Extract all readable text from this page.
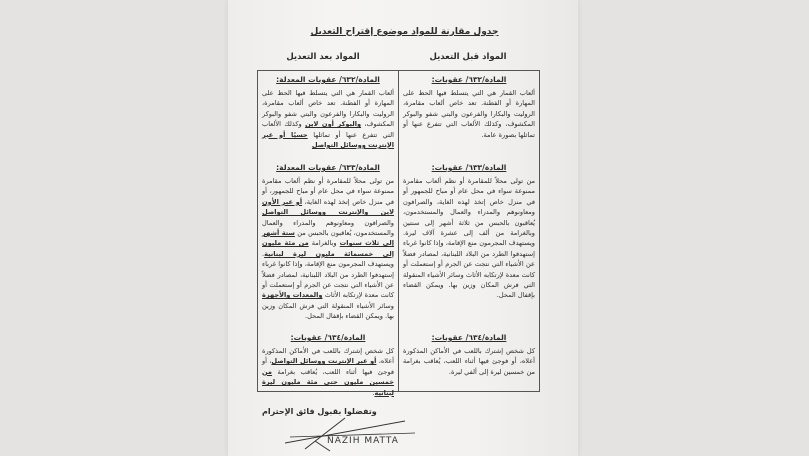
جدول مقارنة للمواد موضوع إقتراح التعديل
المواد بعد التعديل	المواد قبل التعديل
المادة/٦٣٢/ عقوبات المعدلة:

ألعاب القمار هي التي يتسلط فيها الحظ على المهارة أو الفطنة. تعد خاص ألعاب مقامرة، الروليت والبكارا والفرعون والبتي شفو والبوكر المكشوف، والبوكر أون لاين وكذلك الألعاب التي تتفرع عنها أو تماثلها حسيًا أو عبر الإنترنت ووسائل التواصل

المادة/٦٣٣/ عقوبات المعدلة:

من تولى محلاً للمقامرة أو نظم ألعاب مقامرة ممنوعة سواء في محل عام أو مباح للجمهور، أو في منزل خاص إتخذ لهذه الغاية، أو عبر الأون لاين والإنترنت ووسائل التواصل والصرافون ومعاونوهم والمدراء والعمال والمستخدمون، يُعاقبون بالحبس من ستة أشهر إلى ثلاث سنوات وبالغرامة من مئة مليون إلى خمسمائة مليون ليرة لبنانية. ويستهدف المجرمون منع الإقامة، وإذا كانوا غرباء إستهدفوا الطرد من البلاد اللبنانية، لمصادر فضلاً عن الأشياء التي نتجت عن الجرم أو إستعملت أو كانت معدة لإرتكابه الأثاث والمعدات والأجهزة وسائر الأشياء المنقولة التي فرش المكان وزين بها. ويمكن القضاء بإقفال المحل.

المادة/٦٣٤/ عقوبات:

كل شخص إشترك باللعب في الأماكن المذكورة أعلاه، أو عبر الإنترنت ووسائل التواصل، أو فوجئ فيها أثناء اللعب، يُعاقب بغرامة من خمسين مليون حتى مئة مليون ليرة لبنانية.

المادة/٦٣٢/ عقوبات:

ألعاب القمار هي التي يتسلط فيها الحظ على المهارة أو الفطنة. تعد خاص ألعاب مقامرة، الروليت والبكارا والفرعون والبتي شفو والبوكر المكشوف، وكذلك الألعاب التي تتفرع عنها أو تماثلها بصورة عامة.

المادة/٦٣٣/ عقوبات:

من تولى محلاً للمقامرة أو نظم ألعاب مقامرة ممنوعة سواء في محل عام أو مباح للجمهور أو في منزل خاص إتخذ لهذه الغاية، والصرافون ومعاونوهم والمدراء والعمال والمستخدمون، يُعاقبون بالحبس من ثلاثة أشهر إلى سنتين وبالغرامة من ألف إلى عشرة آلاف ليرة. ويستهدف المجرمون منع الإقامة، وإذا كانوا غرباء إستهدفوا الطرد من البلاد اللبنانية، لمصادر فضلاً عن الأشياء التي نتجت عن الجرم أو إستعملت أو كانت معدة لإرتكابه الأثاث وسائر الأشياء المنقولة التي فرش المكان وزين بها. ويمكن القضاء بإقفال المحل.

المادة/٦٣٤/ عقوبات:

كل شخص إشترك باللعب في الأماكن المذكورة أعلاه، أو فوجئ فيها أثناء اللعب، يُعاقب بغرامة من خمسين ليرة إلى ألفي ليرة.

وتفضلوا بقبول فائق الإحترام
NAZIH MATTA
